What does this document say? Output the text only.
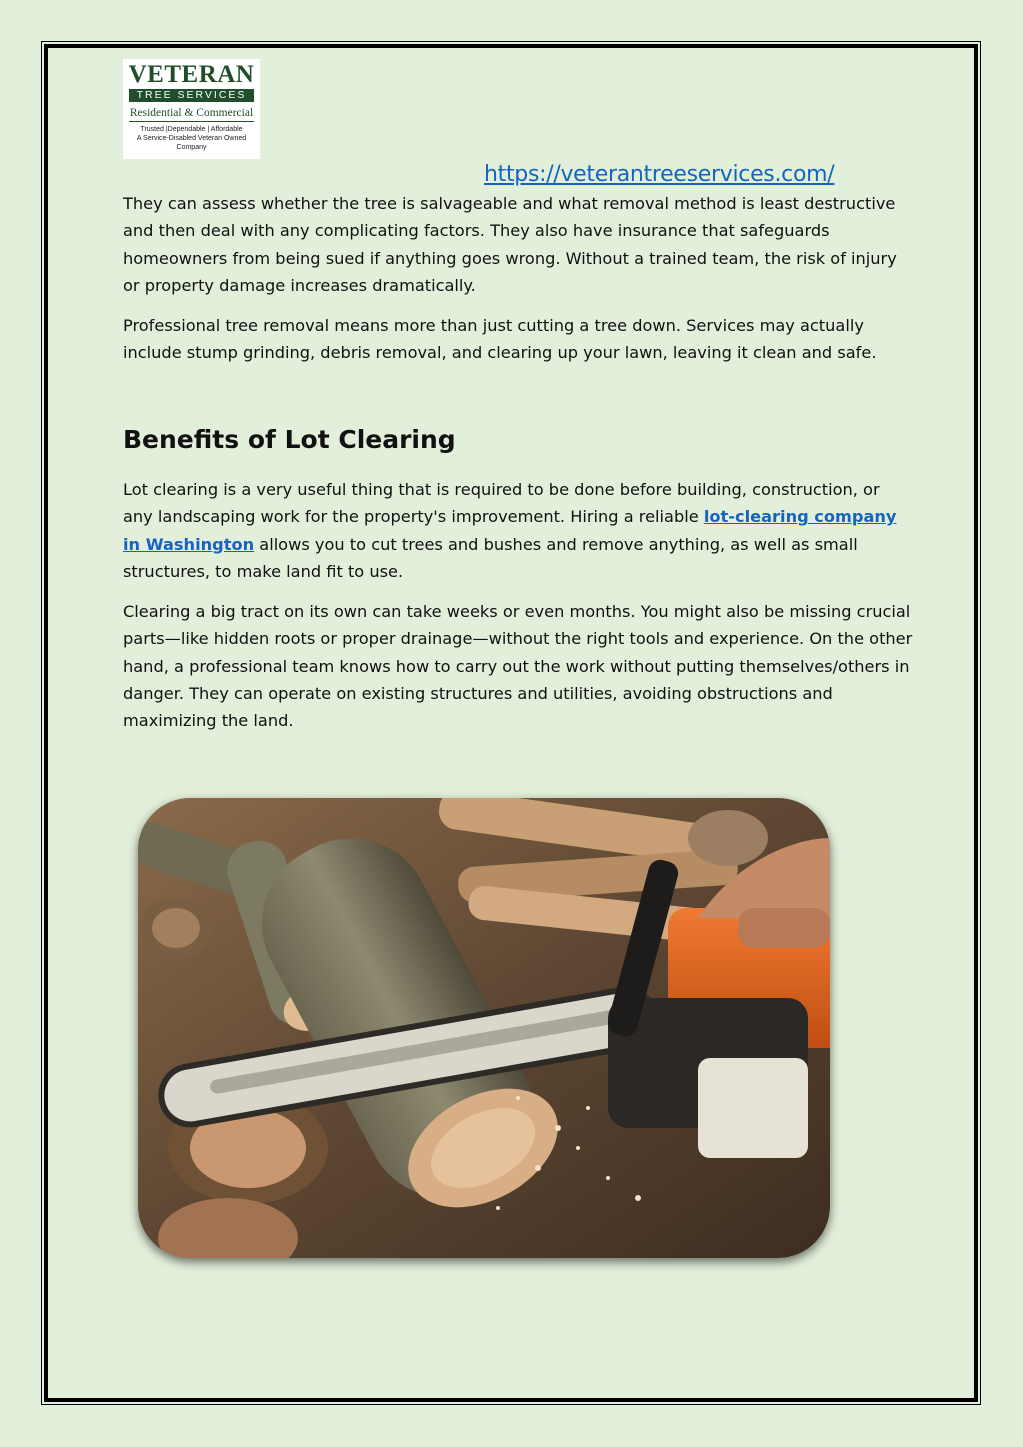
VETERAN
TREE SERVICES
Residential & Commercial
Trusted |Dependable | Affordable
A Service-Disabled Veteran Owned Company
https://veterantreeservices.com/

They can assess whether the tree is salvageable and what removal method is least destructive and then deal with any complicating factors. They also have insurance that safeguards homeowners from being sued if anything goes wrong. Without a trained team, the risk of injury or property damage increases dramatically.

Professional tree removal means more than just cutting a tree down. Services may actually include stump grinding, debris removal, and clearing up your lawn, leaving it clean and safe.

Benefits of Lot Clearing

Lot clearing is a very useful thing that is required to be done before building, construction, or any landscaping work for the property's improvement. Hiring a reliable lot-clearing company in Washington allows you to cut trees and bushes and remove anything, as well as small structures, to make land fit to use.

Clearing a big tract on its own can take weeks or even months. You might also be missing crucial parts—like hidden roots or proper drainage—without the right tools and experience. On the other hand, a professional team knows how to carry out the work without putting themselves/others in danger. They can operate on existing structures and utilities, avoiding obstructions and maximizing the land.
